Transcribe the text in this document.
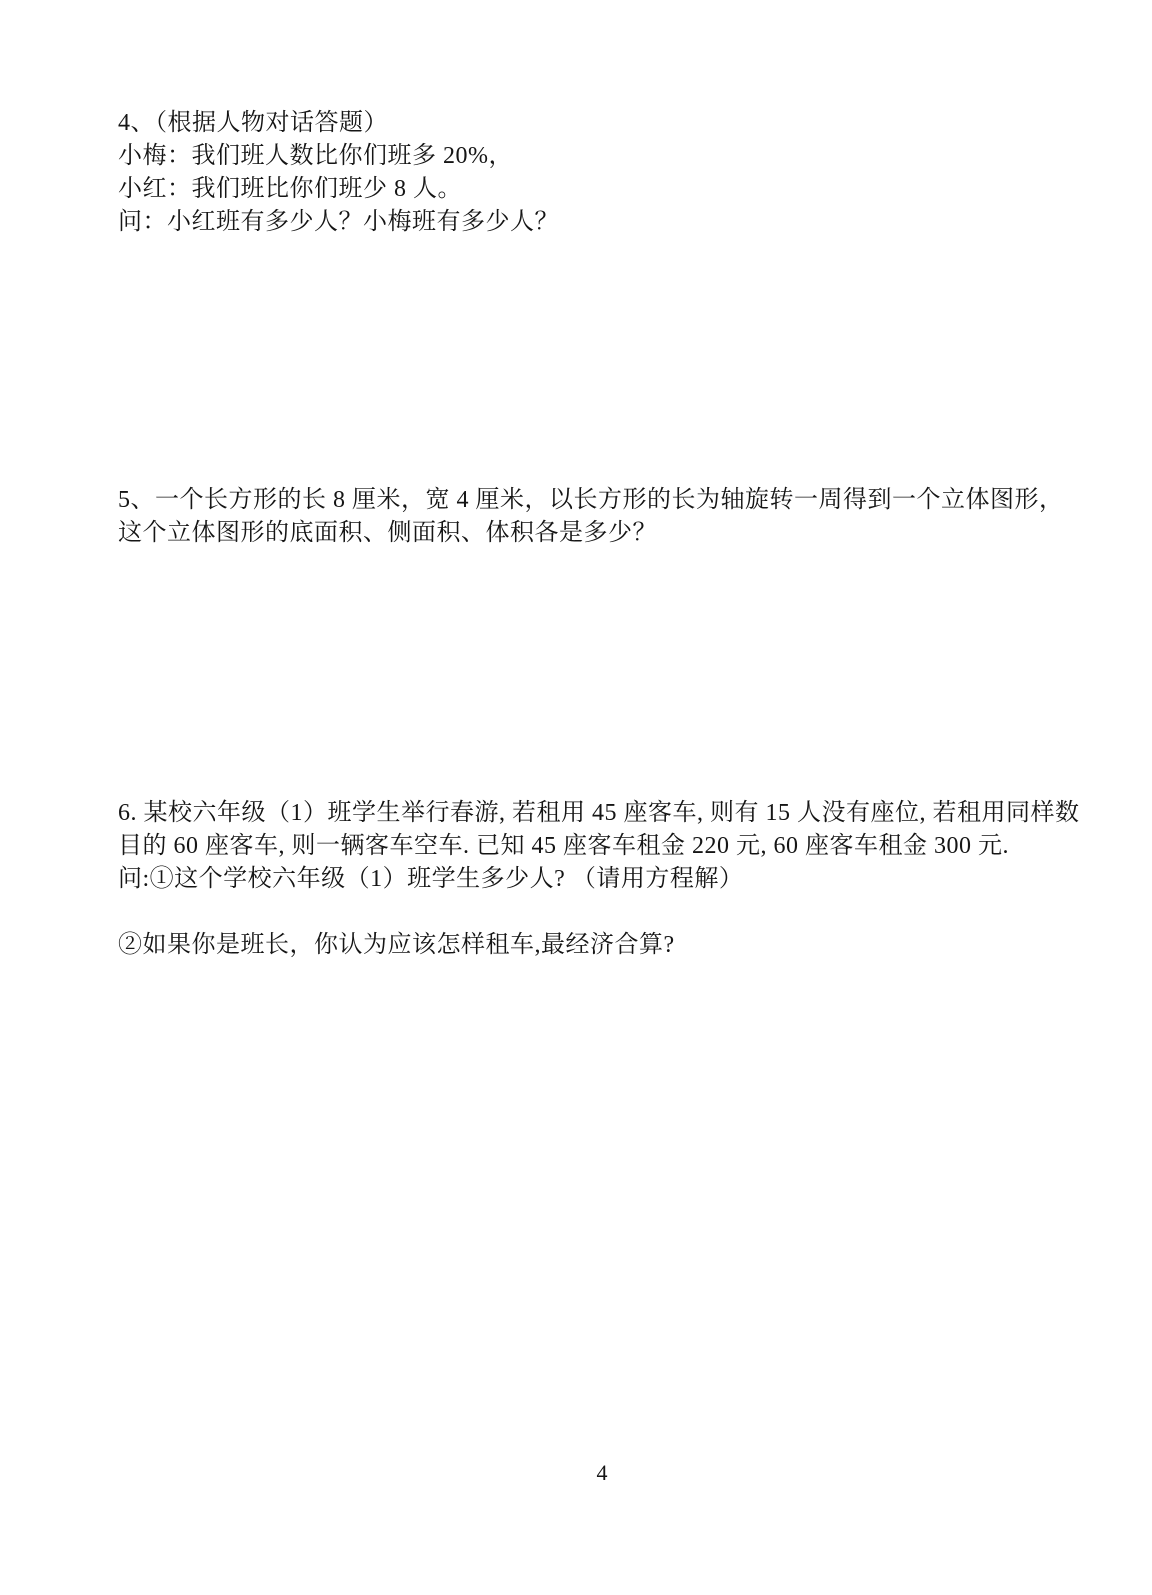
4、（根据人物对话答题）
小梅：我们班人数比你们班多 20%，
小红：我们班比你们班少 8 人。
问：小红班有多少人？小梅班有多少人？
5、一个长方形的长 8 厘米，宽 4 厘米，以长方形的长为轴旋转一周得到一个立体图形，
这个立体图形的底面积、侧面积、体积各是多少？
6. 某校六年级（1）班学生举行春游, 若租用 45 座客车, 则有 15 人没有座位, 若租用同样数
目的 60 座客车, 则一辆客车空车. 已知 45 座客车租金 220 元, 60 座客车租金 300 元.
问:①这个学校六年级（1）班学生多少人? （请用方程解）
②如果你是班长，你认为应该怎样租车,最经济合算?
4
